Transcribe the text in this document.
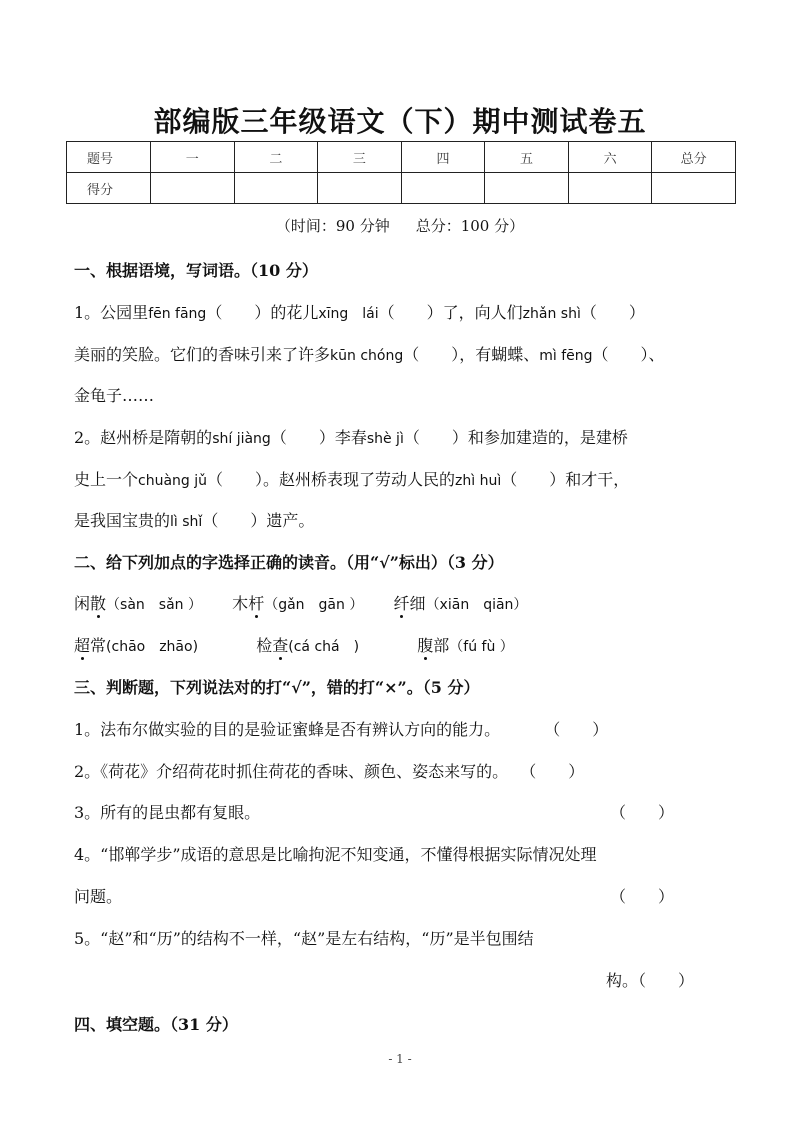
部编版三年级语文（下）期中测试卷五
题号	一	二	三	四	五	六	总分
得分							
（时间：90 分钟 总分：100 分）
一、根据语境，写词语。（10 分）
1。公园里fēn fāng（　　）的花儿xīng　lái（　　）了，向人们zhǎn shì（　　）
美丽的笑脸。它们的香味引来了许多kūn chóng（　　），有蝴蝶、mì fēng（　　）、
金龟子……
2。赵州桥是隋朝的shí jiàng（　　）李春shè jì（　　）和参加建造的，是建桥
史上一个chuàng jǔ（　　）。赵州桥表现了劳动人民的zhì huì（　　）和才干，
是我国宝贵的lì shǐ（　　）遗产。
二、给下列加点的字选择正确的读音。（用“√”标出）（3 分）
闲散（sàn　sǎn ） 木杆（gǎn　gān ） 纤细（xiān　qiān）
超常(chāo　zhāo)	检查(cá chá　)	腹部（fú fù ）
三、判断题，下列说法对的打“√”，错的打“×”。（5 分）
1。法布尔做实验的目的是验证蜜蜂是否有辨认方向的能力。	（　　）
2。《荷花》介绍荷花时抓住荷花的香味、颜色、姿态来写的。 （　　）
3。所有的昆虫都有复眼。	（　　）
4。“邯郸学步”成语的意思是比喻拘泥不知变通，不懂得根据实际情况处理
问题。	（　　）
5。“赵”和“历”的结构不一样，“赵”是左右结构，“历”是半包围结
构。（　　）
四、填空题。（31 分）
- 1 -
